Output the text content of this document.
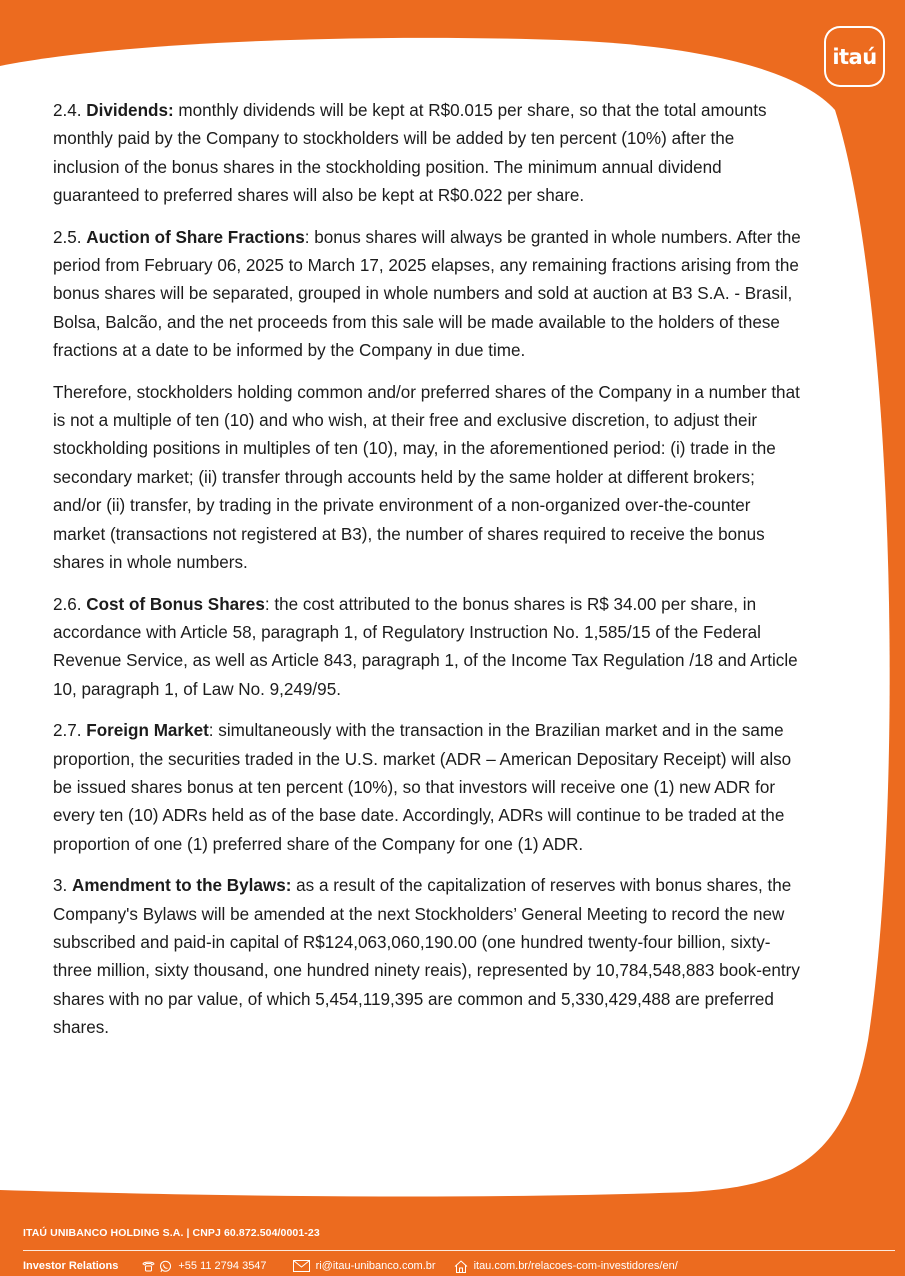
itaú

2.4. Dividends: monthly dividends will be kept at R$0.015 per share, so that the total amounts monthly paid by the Company to stockholders will be added by ten percent (10%) after the inclusion of the bonus shares in the stockholding position. The minimum annual dividend guaranteed to preferred shares will also be kept at R$0.022 per share.

2.5. Auction of Share Fractions: bonus shares will always be granted in whole numbers. After the period from February 06, 2025 to March 17, 2025 elapses, any remaining fractions arising from the bonus shares will be separated, grouped in whole numbers and sold at auction at B3 S.A. - Brasil, Bolsa, Balcão, and the net proceeds from this sale will be made available to the holders of these fractions at a date to be informed by the Company in due time.

Therefore, stockholders holding common and/or preferred shares of the Company in a number that is not a multiple of ten (10) and who wish, at their free and exclusive discretion, to adjust their stockholding positions in multiples of ten (10), may, in the aforementioned period: (i) trade in the secondary market; (ii) transfer through accounts held by the same holder at different brokers; and/or (ii) transfer, by trading in the private environment of a non-organized over-the-counter market (transactions not registered at B3), the number of shares required to receive the bonus shares in whole numbers.

2.6. Cost of Bonus Shares: the cost attributed to the bonus shares is R$ 34.00 per share, in accordance with Article 58, paragraph 1, of Regulatory Instruction No. 1,585/15 of the Federal Revenue Service, as well as Article 843, paragraph 1, of the Income Tax Regulation /18 and Article 10, paragraph 1, of Law No. 9,249/95.

2.7. Foreign Market: simultaneously with the transaction in the Brazilian market and in the same proportion, the securities traded in the U.S. market (ADR – American Depositary Receipt) will also be issued shares bonus at ten percent (10%), so that investors will receive one (1) new ADR for every ten (10) ADRs held as of the base date. Accordingly, ADRs will continue to be traded at the proportion of one (1) preferred share of the Company for one (1) ADR.

3. Amendment to the Bylaws: as a result of the capitalization of reserves with bonus shares, the Company's Bylaws will be amended at the next Stockholders’ General Meeting to record the new subscribed and paid-in capital of R$124,063,060,190.00 (one hundred twenty-four billion, sixty-three million, sixty thousand, one hundred ninety reais), represented by 10,784,548,883 book-entry shares with no par value, of which 5,454,119,395 are common and 5,330,429,488 are preferred shares.

ITAÚ UNIBANCO HOLDING S.A. | CNPJ 60.872.504/0001-23
Investor Relations	+55 11 2794 3547	ri@itau-unibanco.com.br	itau.com.br/relacoes-com-investidores/en/
